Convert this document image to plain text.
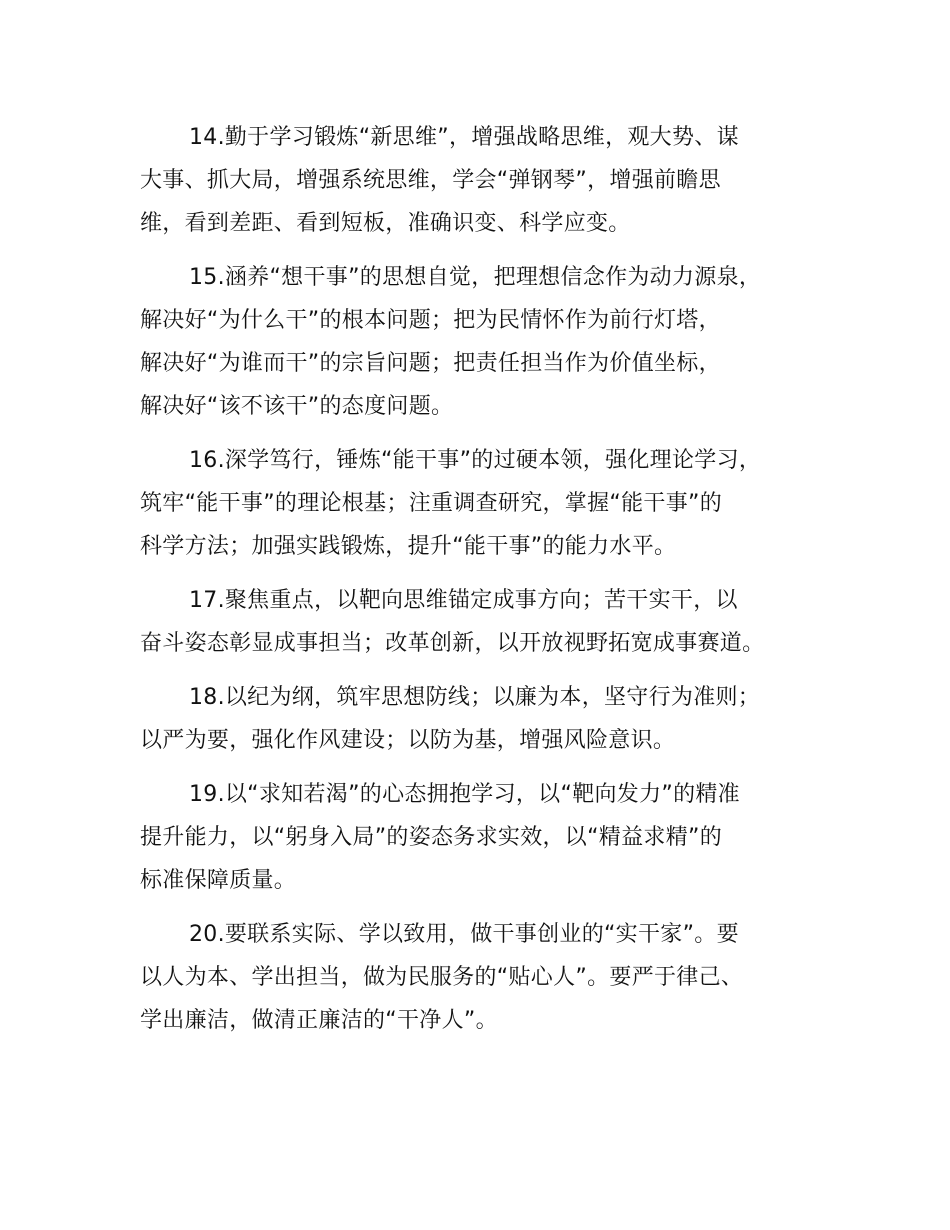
14.勤于学习锻炼“新思维”，增强战略思维，观大势、谋
大事、抓大局，增强系统思维，学会“弹钢琴”，增强前瞻思
维，看到差距、看到短板，准确识变、科学应变。

15.涵养“想干事”的思想自觉，把理想信念作为动力源泉，
解决好“为什么干”的根本问题；把为民情怀作为前行灯塔，
解决好“为谁而干”的宗旨问题；把责任担当作为价值坐标，
解决好“该不该干”的态度问题。

16.深学笃行，锤炼“能干事”的过硬本领，强化理论学习，
筑牢“能干事”的理论根基；注重调查研究，掌握“能干事”的
科学方法；加强实践锻炼，提升“能干事”的能力水平。

17.聚焦重点，以靶向思维锚定成事方向；苦干实干，以
奋斗姿态彰显成事担当；改革创新，以开放视野拓宽成事赛道。

18.以纪为纲，筑牢思想防线；以廉为本，坚守行为准则；
以严为要，强化作风建设；以防为基，增强风险意识。

19.以“求知若渴”的心态拥抱学习，以“靶向发力”的精准
提升能力，以“躬身入局”的姿态务求实效，以“精益求精”的
标准保障质量。

20.要联系实际、学以致用，做干事创业的“实干家”。要
以人为本、学出担当，做为民服务的“贴心人”。要严于律己、
学出廉洁，做清正廉洁的“干净人”。
